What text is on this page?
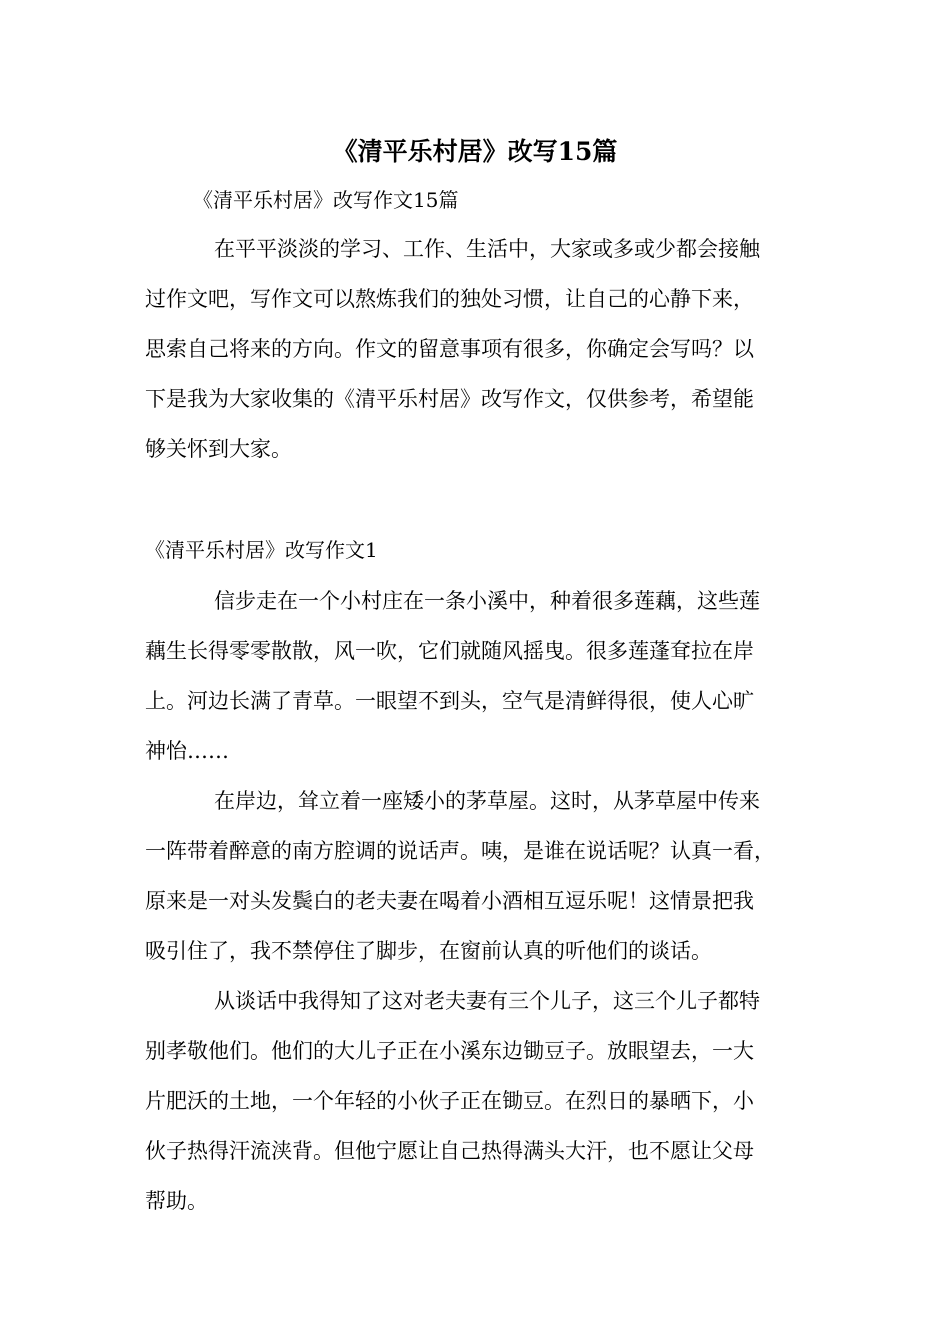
《清平乐村居》改写15篇

《清平乐村居》改写作文15篇

在平平淡淡的学习、工作、生活中，大家或多或少都会接触
过作文吧，写作文可以熬炼我们的独处习惯，让自己的心静下来，
思索自己将来的方向。作文的留意事项有很多，你确定会写吗？以
下是我为大家收集的《清平乐村居》改写作文，仅供参考，希望能
够关怀到大家。

《清平乐村居》改写作文1

信步走在一个小村庄在一条小溪中，种着很多莲藕，这些莲
藕生长得零零散散，风一吹，它们就随风摇曳。很多莲蓬耷拉在岸
上。河边长满了青草。一眼望不到头，空气是清鲜得很，使人心旷
神怡……
在岸边，耸立着一座矮小的茅草屋。这时，从茅草屋中传来
一阵带着醉意的南方腔调的说话声。咦，是谁在说话呢？认真一看，
原来是一对头发鬓白的老夫妻在喝着小酒相互逗乐呢！这情景把我
吸引住了，我不禁停住了脚步，在窗前认真的听他们的谈话。
从谈话中我得知了这对老夫妻有三个儿子，这三个儿子都特
别孝敬他们。他们的大儿子正在小溪东边锄豆子。放眼望去，一大
片肥沃的土地，一个年轻的小伙子正在锄豆。在烈日的暴晒下，小
伙子热得汗流浃背。但他宁愿让自己热得满头大汗，也不愿让父母
帮助。
